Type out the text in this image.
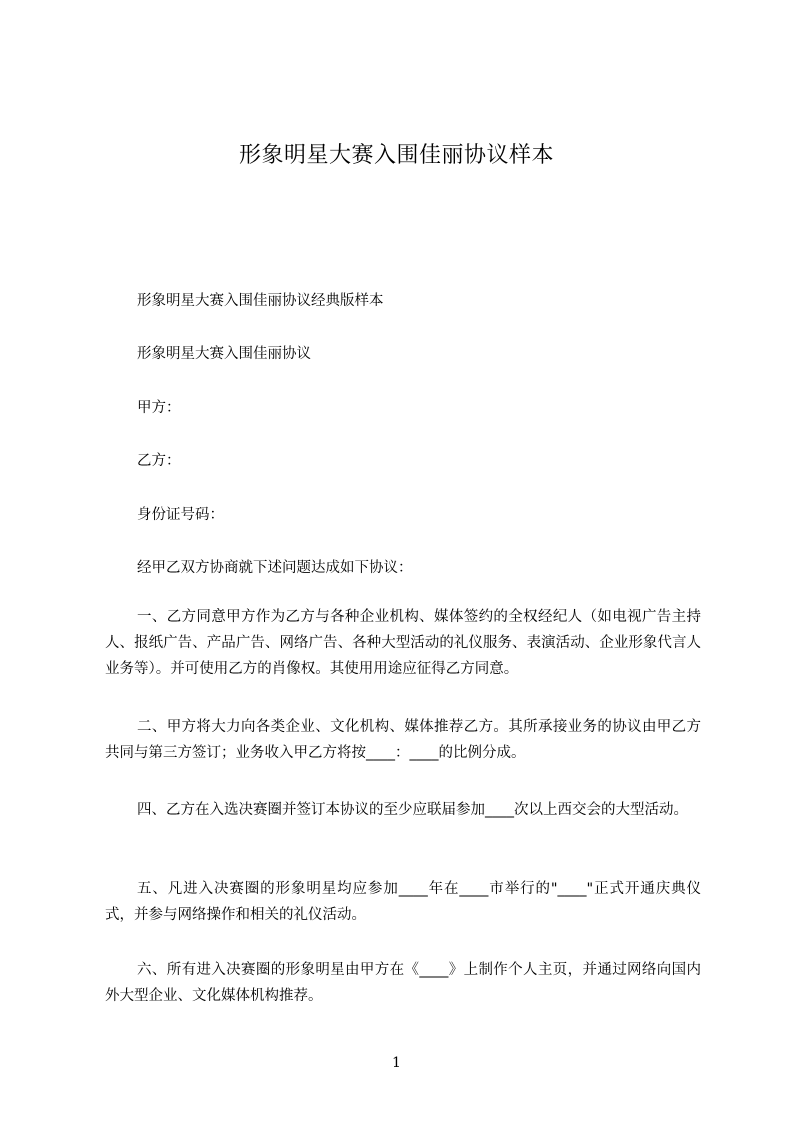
形象明星大赛入围佳丽协议样本
形象明星大赛入围佳丽协议经典版样本
形象明星大赛入围佳丽协议
甲方：
乙方：
身份证号码：
经甲乙双方协商就下述问题达成如下协议：

一、乙方同意甲方作为乙方与各种企业机构、媒体签约的全权经纪人（如电视广告主持人、报纸广告、产品广告、网络广告、各种大型活动的礼仪服务、表演活动、企业形象代言人业务等）。并可使用乙方的肖像权。其使用用途应征得乙方同意。

二、甲方将大力向各类企业、文化机构、媒体推荐乙方。其所承接业务的协议由甲乙方共同与第三方签订；业务收入甲乙方将按____：____的比例分成。

四、乙方在入选决赛圈并签订本协议的至少应联届参加____次以上西交会的大型活动。

五、凡进入决赛圈的形象明星均应参加____年在____市举行的"____"正式开通庆典仪式，并参与网络操作和相关的礼仪活动。

六、所有进入决赛圈的形象明星由甲方在《____》上制作个人主页，并通过网络向国内外大型企业、文化媒体机构推荐。

1
